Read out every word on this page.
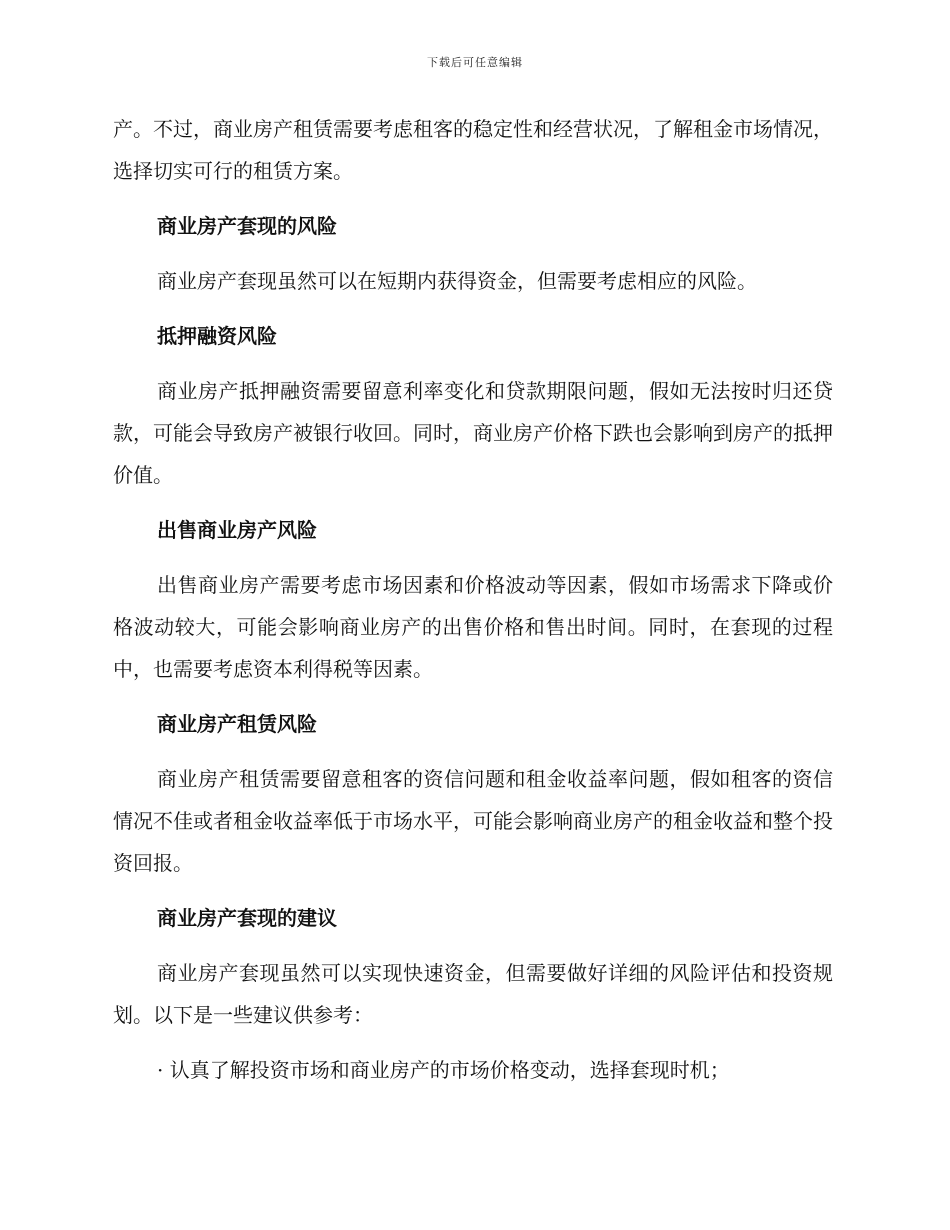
下载后可任意编辑

产。不过，商业房产租赁需要考虑租客的稳定性和经营状况，了解租金市场情况，选择切实可行的租赁方案。

商业房产套现的风险

商业房产套现虽然可以在短期内获得资金，但需要考虑相应的风险。

抵押融资风险

商业房产抵押融资需要留意利率变化和贷款期限问题，假如无法按时归还贷款，可能会导致房产被银行收回。同时，商业房产价格下跌也会影响到房产的抵押价值。

出售商业房产风险

出售商业房产需要考虑市场因素和价格波动等因素，假如市场需求下降或价格波动较大，可能会影响商业房产的出售价格和售出时间。同时，在套现的过程中，也需要考虑资本利得税等因素。

商业房产租赁风险

商业房产租赁需要留意租客的资信问题和租金收益率问题，假如租客的资信情况不佳或者租金收益率低于市场水平，可能会影响商业房产的租金收益和整个投资回报。

商业房产套现的建议

商业房产套现虽然可以实现快速资金，但需要做好详细的风险评估和投资规划。以下是一些建议供参考：

· 认真了解投资市场和商业房产的市场价格变动，选择套现时机；
